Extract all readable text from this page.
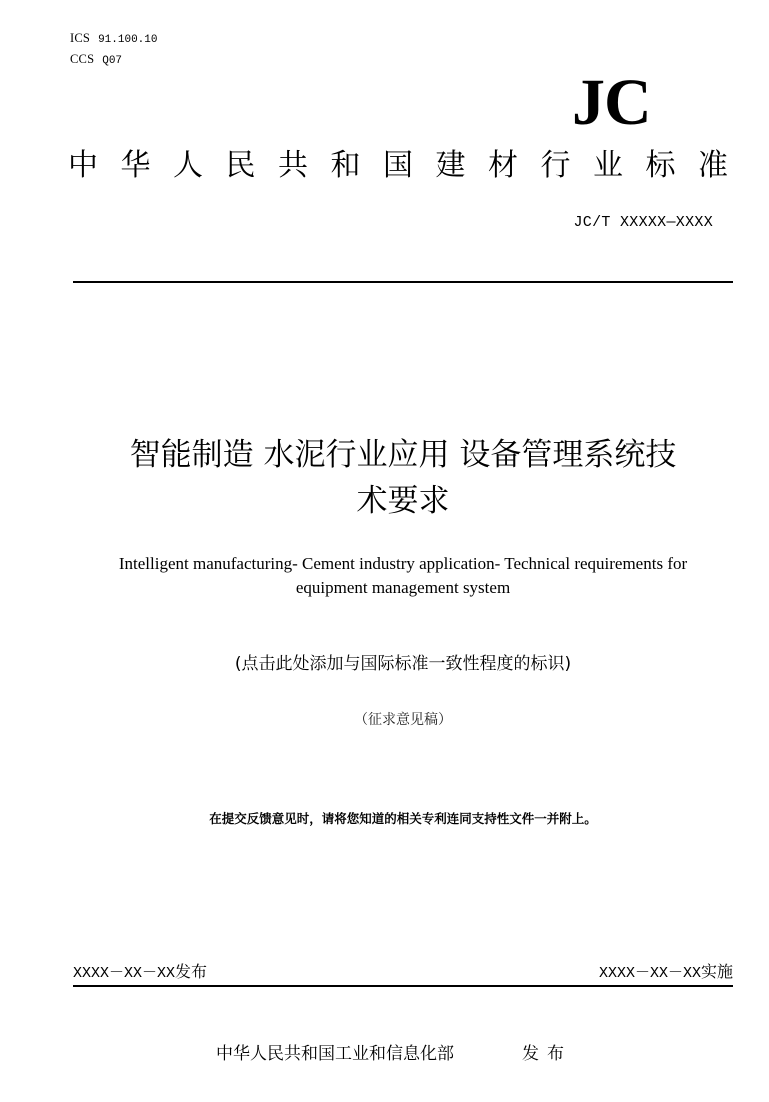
ICS 91.100.10
CCS Q07
JC
中 华 人 民 共 和 国 建 材 行 业 标 准
JC/T XXXXX—XXXX
智能制造 水泥行业应用 设备管理系统技
术要求
Intelligent manufacturing- Cement industry application- Technical requirements for
equipment management system
(点击此处添加与国际标准一致性程度的标识)
（征求意见稿）
在提交反馈意见时，请将您知道的相关专利连同支持性文件一并附上。
XXXX－XX－XX发布	XXXX－XX－XX实施
中华人民共和国工业和信息化部	发布
